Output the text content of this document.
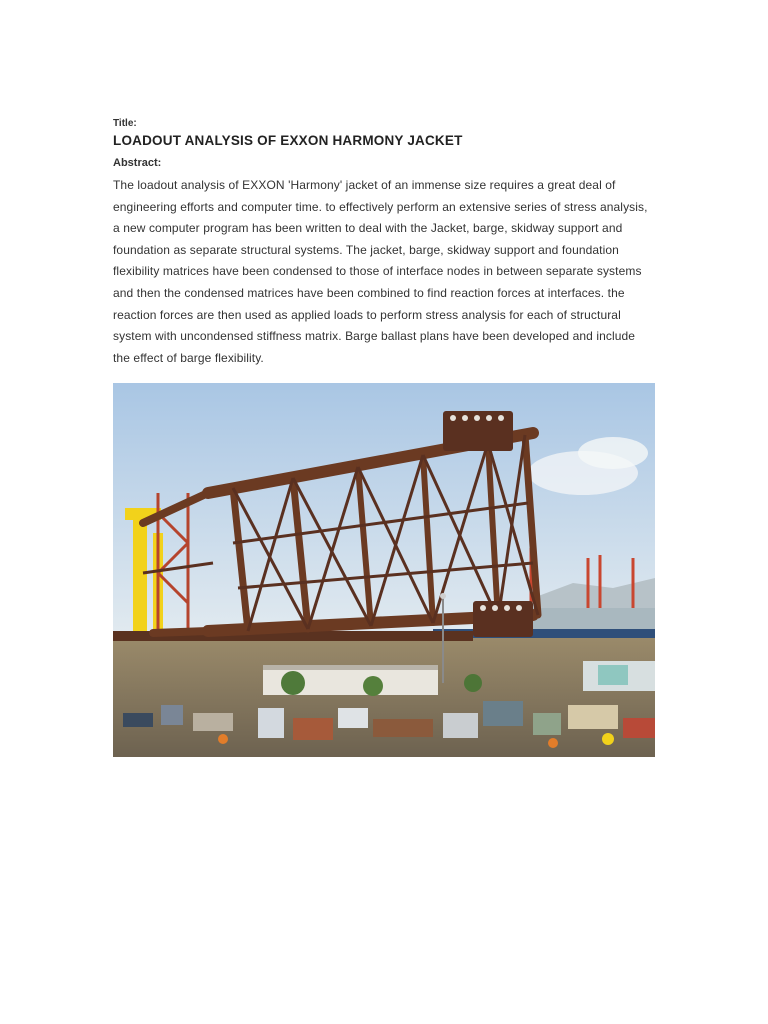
Title:
LOADOUT ANALYSIS OF EXXON HARMONY JACKET
Abstract:
The loadout analysis of EXXON 'Harmony' jacket of an immense size requires a great deal of engineering efforts and computer time. to effectively perform an extensive series of stress analysis, a new computer program has been written to deal with the Jacket, barge, skidway support and foundation as separate structural systems. The jacket, barge, skidway support and foundation flexibility matrices have been condensed to those of interface nodes in between separate systems and then the condensed matrices have been combined to find reaction forces at interfaces. the reaction forces are then used as applied loads to perform stress analysis for each of structural system with uncondensed stiffness matrix. Barge ballast plans have been developed and include the effect of barge flexibility.
